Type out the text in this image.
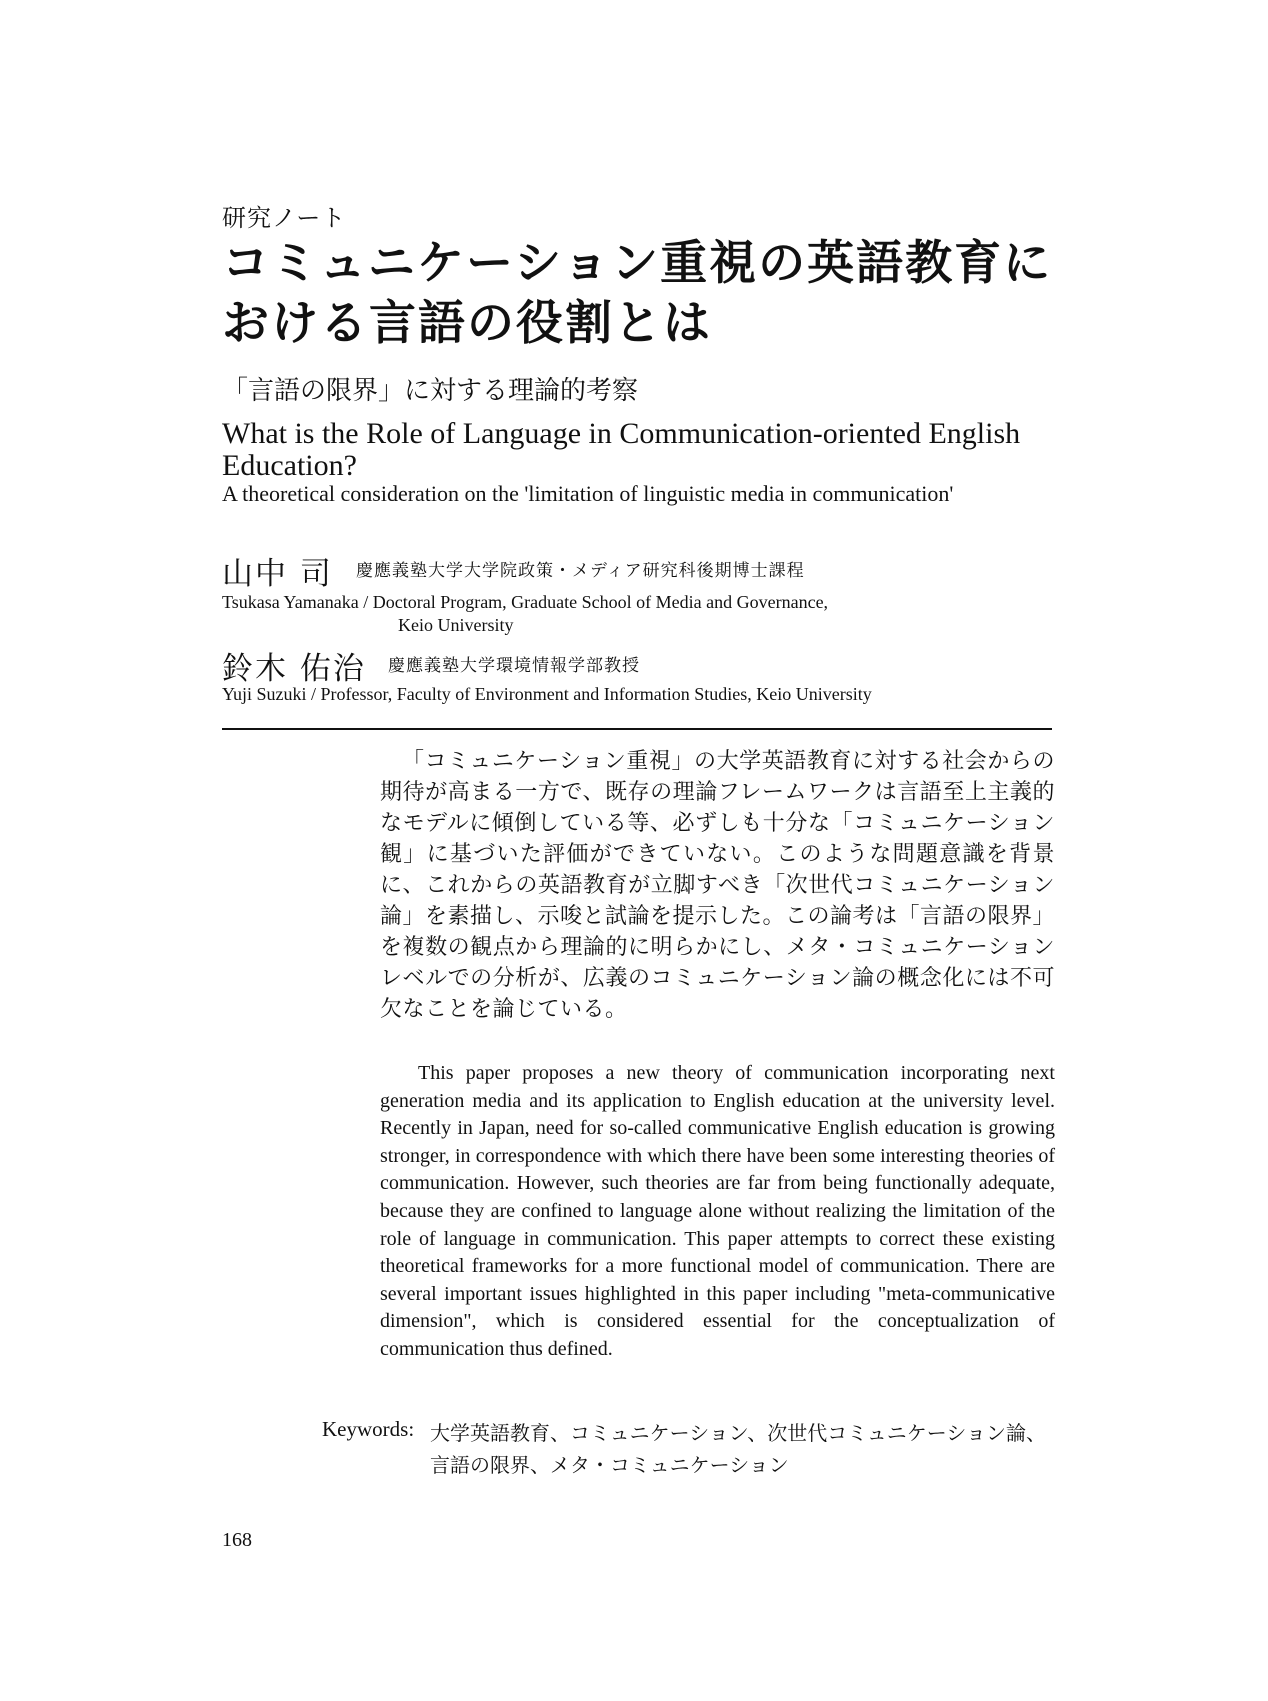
研究ノート
コミュニケーション重視の英語教育における言語の役割とは
「言語の限界」に対する理論的考察
What is the Role of Language in Communication-oriented English Education?
A theoretical consideration on the 'limitation of linguistic media in communication'
山中 司 慶應義塾大学大学院政策・メディア研究科後期博士課程
Tsukasa Yamanaka / Doctoral Program, Graduate School of Media and Governance,
Keio University
鈴木 佑治 慶應義塾大学環境情報学部教授
Yuji Suzuki / Professor, Faculty of Environment and Information Studies, Keio University

「コミュニケーション重視」の大学英語教育に対する社会からの期待が高まる一方で、既存の理論フレームワークは言語至上主義的なモデルに傾倒している等、必ずしも十分な「コミュニケーション観」に基づいた評価ができていない。このような問題意識を背景に、これからの英語教育が立脚すべき「次世代コミュニケーション論」を素描し、示唆と試論を提示した。この論考は「言語の限界」を複数の観点から理論的に明らかにし、メタ・コミュニケーションレベルでの分析が、広義のコミュニケーション論の概念化には不可欠なことを論じている。

This paper proposes a new theory of communication incorporating next generation media and its application to English education at the university level. Recently in Japan, need for so-called communicative English education is growing stronger, in correspondence with which there have been some interesting theories of communication. However, such theories are far from being functionally adequate, because they are confined to language alone without realizing the limitation of the role of language in communication. This paper attempts to correct these existing theoretical frameworks for a more functional model of communication. There are several important issues highlighted in this paper including "meta-communicative dimension", which is considered essential for the conceptualization of communication thus defined.

Keywords: 大学英語教育、コミュニケーション、次世代コミュニケーション論、
言語の限界、メタ・コミュニケーション
168
